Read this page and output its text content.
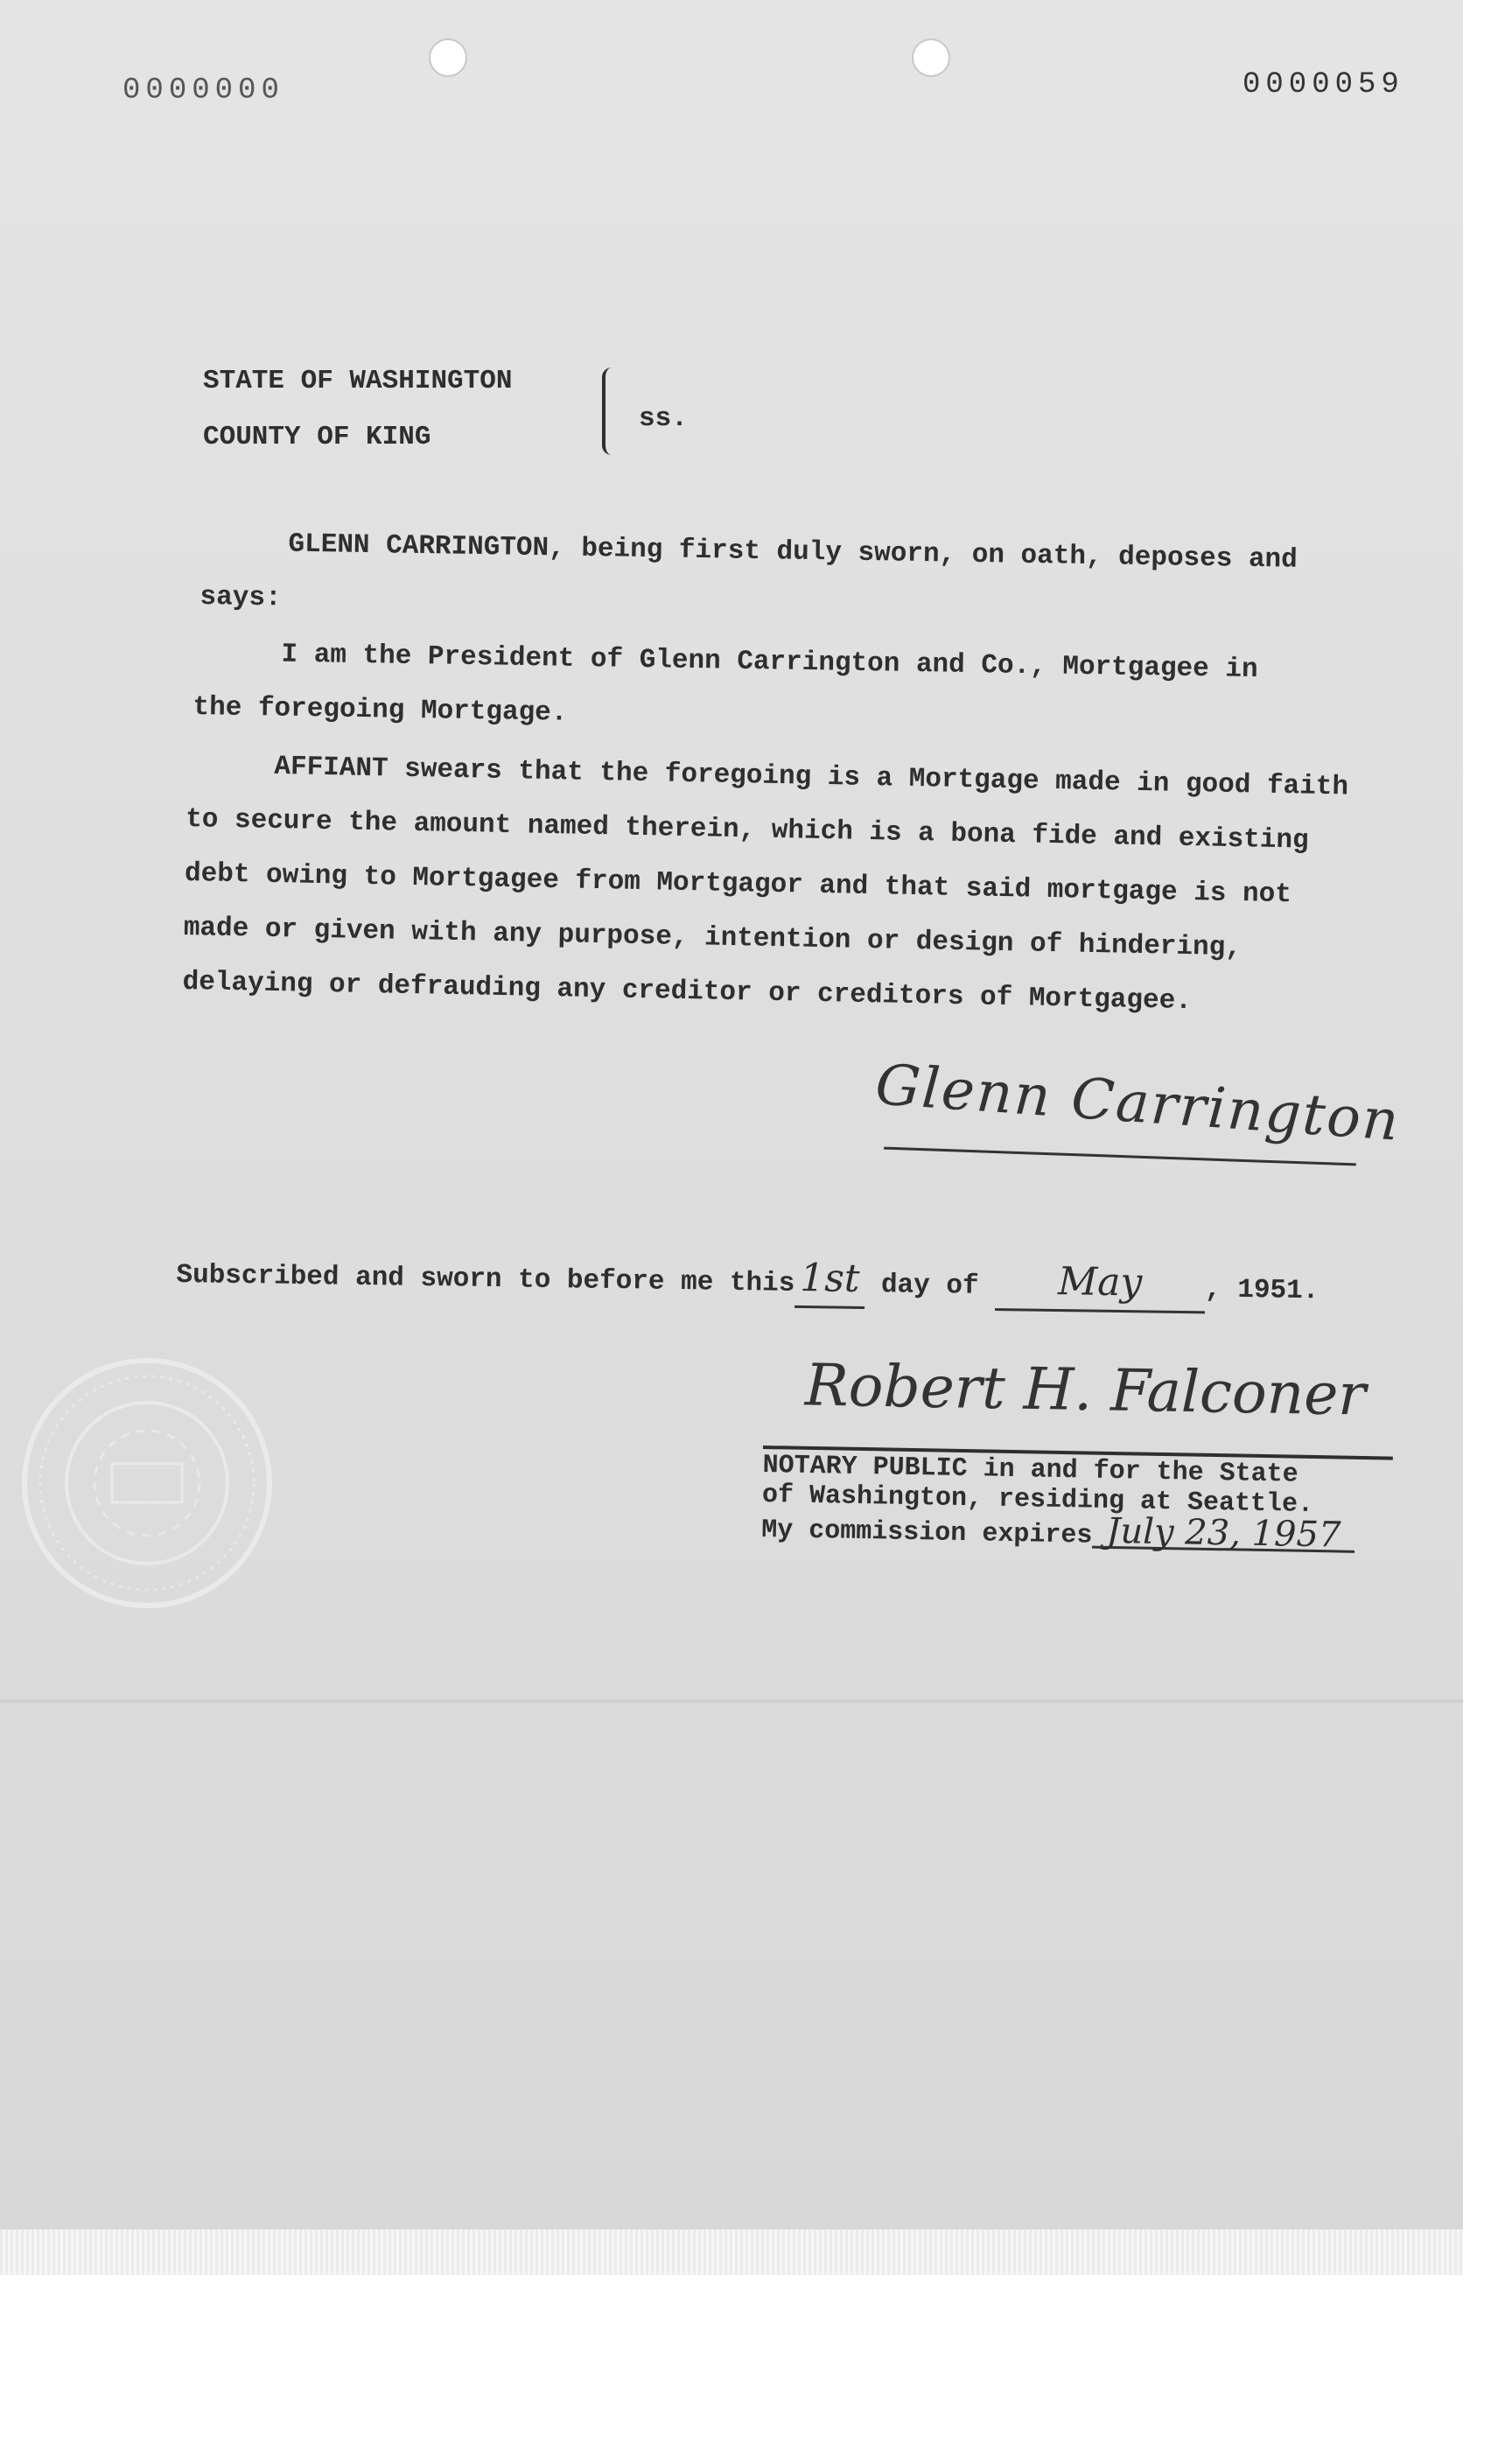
0000000	0000059
STATE OF WASHINGTON
COUNTY OF KING
ss.
GLENN CARRINGTON, being first duly sworn, on oath, deposes and says:
I am the President of Glenn Carrington and Co., Mortgagee in the foregoing Mortgage.
AFFIANT swears that the foregoing is a Mortgage made in good faith to secure the amount named therein, which is a bona fide and existing debt owing to Mortgagee from Mortgagor and that said mortgage is not made or given with any purpose, intention or design of hindering, delaying or defrauding any creditor or creditors of Mortgagee.
Glenn Carrington
Subscribed and sworn to before me this 1st day of May , 1951.
Robert H. Falconer
NOTARY PUBLIC in and for the State
of Washington, residing at Seattle.
My commission expires July 23, 1957
